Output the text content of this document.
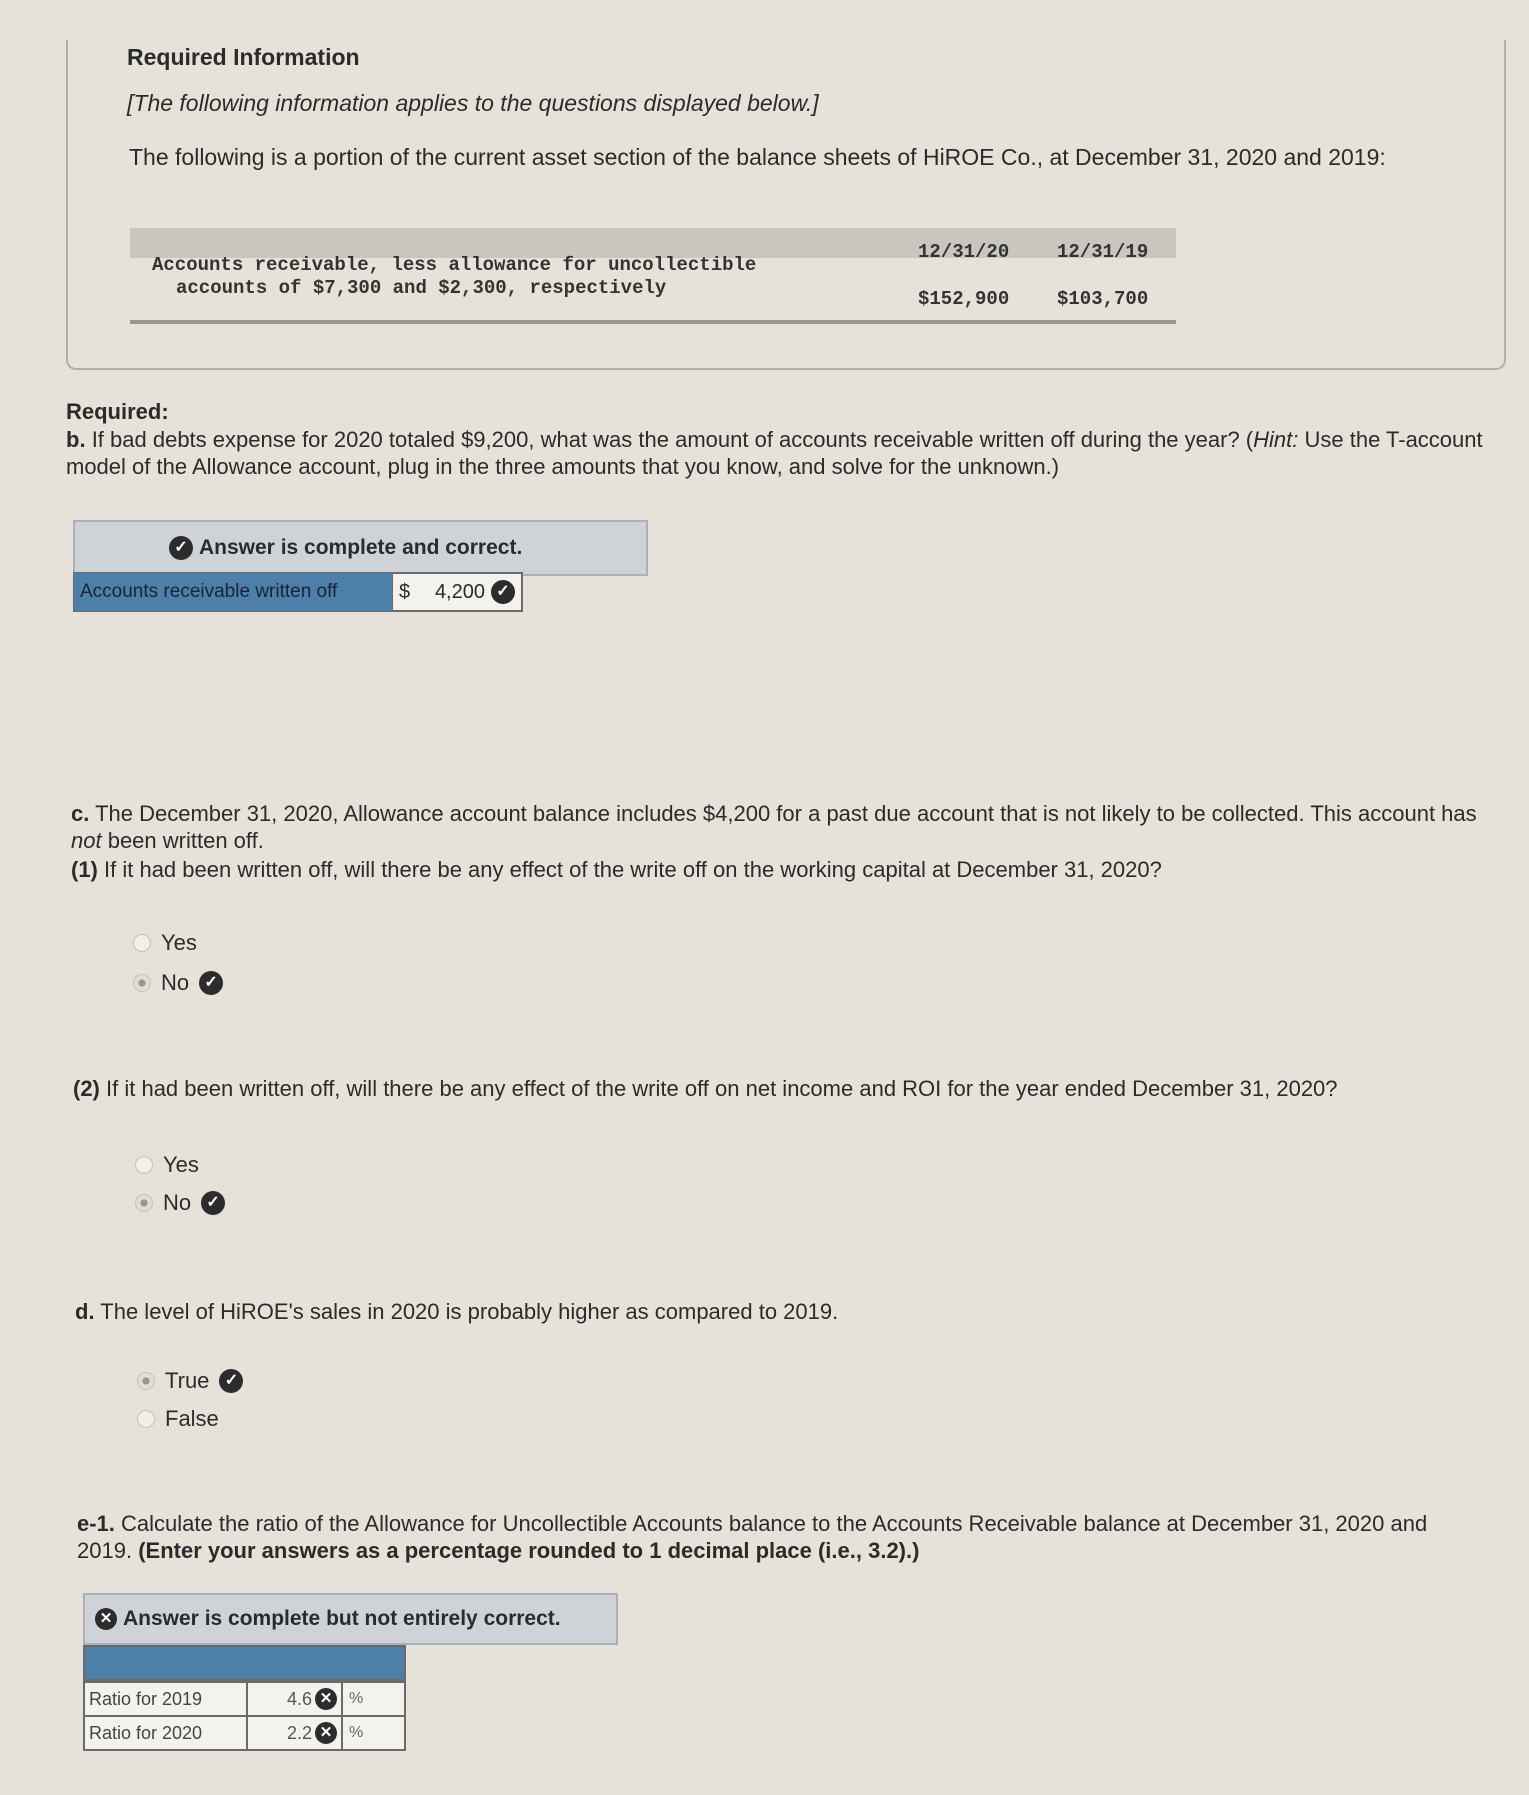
Required Information
[The following information applies to the questions displayed below.]
The following is a portion of the current asset section of the balance sheets of HiROE Co., at December 31, 2020 and 2019:
12/31/20	12/31/19
Accounts receivable, less allowance for uncollectible
accounts of $7,300 and $2,300, respectively	$152,900	$103,700
Required:
b. If bad debts expense for 2020 totaled $9,200, what was the amount of accounts receivable written off during the year? (Hint: Use the T-account model of the Allowance account, plug in the three amounts that you know, and solve for the unknown.)
✓ Answer is complete and correct.
Accounts receivable written off	$ 4,200 ✓
c. The December 31, 2020, Allowance account balance includes $4,200 for a past due account that is not likely to be collected. This account has not been written off.
(1) If it had been written off, will there be any effect of the write off on the working capital at December 31, 2020?
Yes
No ✓
(2) If it had been written off, will there be any effect of the write off on net income and ROI for the year ended December 31, 2020?
Yes
No ✓
d. The level of HiROE's sales in 2020 is probably higher as compared to 2019.
True ✓
False
e-1. Calculate the ratio of the Allowance for Uncollectible Accounts balance to the Accounts Receivable balance at December 31, 2020 and 2019. (Enter your answers as a percentage rounded to 1 decimal place (i.e., 3.2).)
✕ Answer is complete but not entirely correct.
Ratio for 2019	4.6 ✕	%
Ratio for 2020	2.2 ✕	%
